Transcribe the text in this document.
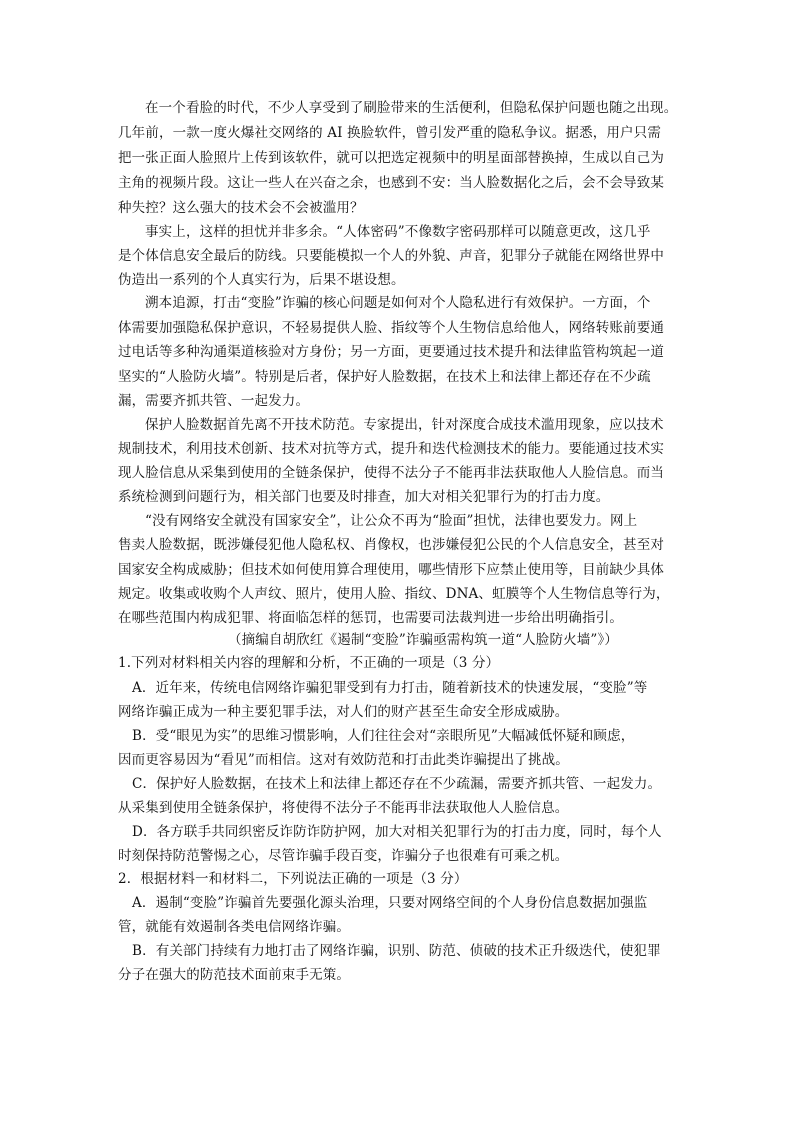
在一个看脸的时代，不少人享受到了刷脸带来的生活便利，但隐私保护问题也随之出现。
几年前，一款一度火爆社交网络的 AI 换脸软件，曾引发严重的隐私争议。据悉，用户只需
把一张正面人脸照片上传到该软件，就可以把选定视频中的明星面部替换掉，生成以自己为
主角的视频片段。这让一些人在兴奋之余，也感到不安：当人脸数据化之后，会不会导致某
种失控？这么强大的技术会不会被滥用？
事实上，这样的担忧并非多余。“人体密码”不像数字密码那样可以随意更改，这几乎
是个体信息安全最后的防线。只要能模拟一个人的外貌、声音，犯罪分子就能在网络世界中
伪造出一系列的个人真实行为，后果不堪设想。
溯本追源，打击“变脸”诈骗的核心问题是如何对个人隐私进行有效保护。一方面，个
体需要加强隐私保护意识，不轻易提供人脸、指纹等个人生物信息给他人，网络转账前要通
过电话等多种沟通渠道核验对方身份；另一方面，更要通过技术提升和法律监管构筑起一道
坚实的“人脸防火墙”。特别是后者，保护好人脸数据，在技术上和法律上都还存在不少疏
漏，需要齐抓共管、一起发力。
保护人脸数据首先离不开技术防范。专家提出，针对深度合成技术滥用现象，应以技术
规制技术，利用技术创新、技术对抗等方式，提升和迭代检测技术的能力。要能通过技术实
现人脸信息从采集到使用的全链条保护，使得不法分子不能再非法获取他人人脸信息。而当
系统检测到问题行为，相关部门也要及时排查，加大对相关犯罪行为的打击力度。
“没有网络安全就没有国家安全”，让公众不再为“脸面”担忧，法律也要发力。网上
售卖人脸数据，既涉嫌侵犯他人隐私权、肖像权，也涉嫌侵犯公民的个人信息安全，甚至对
国家安全构成威胁；但技术如何使用算合理使用，哪些情形下应禁止使用等，目前缺少具体
规定。收集或收购个人声纹、照片，使用人脸、指纹、DNA、虹膜等个人生物信息等行为，
在哪些范围内构成犯罪、将面临怎样的惩罚，也需要司法裁判进一步给出明确指引。
（摘编自胡欣红《遏制“变脸”诈骗亟需构筑一道“人脸防火墙”》）
1.下列对材料相关内容的理解和分析，不正确的一项是（3 分）
A．近年来，传统电信网络诈骗犯罪受到有力打击，随着新技术的快速发展，“变脸”等
网络诈骗正成为一种主要犯罪手法，对人们的财产甚至生命安全形成威胁。
B．受“眼见为实”的思维习惯影响，人们往往会对“亲眼所见”大幅减低怀疑和顾虑，
因而更容易因为“看见”而相信。这对有效防范和打击此类诈骗提出了挑战。
C．保护好人脸数据，在技术上和法律上都还存在不少疏漏，需要齐抓共管、一起发力。
从采集到使用全链条保护，将使得不法分子不能再非法获取他人人脸信息。
D．各方联手共同织密反诈防诈防护网，加大对相关犯罪行为的打击力度，同时，每个人
时刻保持防范警惕之心，尽管诈骗手段百变，诈骗分子也很难有可乘之机。
2．根据材料一和材料二，下列说法正确的一项是（3 分）
A．遏制“变脸”诈骗首先要强化源头治理，只要对网络空间的个人身份信息数据加强监
管，就能有效遏制各类电信网络诈骗。
B．有关部门持续有力地打击了网络诈骗，识别、防范、侦破的技术正升级迭代，使犯罪
分子在强大的防范技术面前束手无策。
